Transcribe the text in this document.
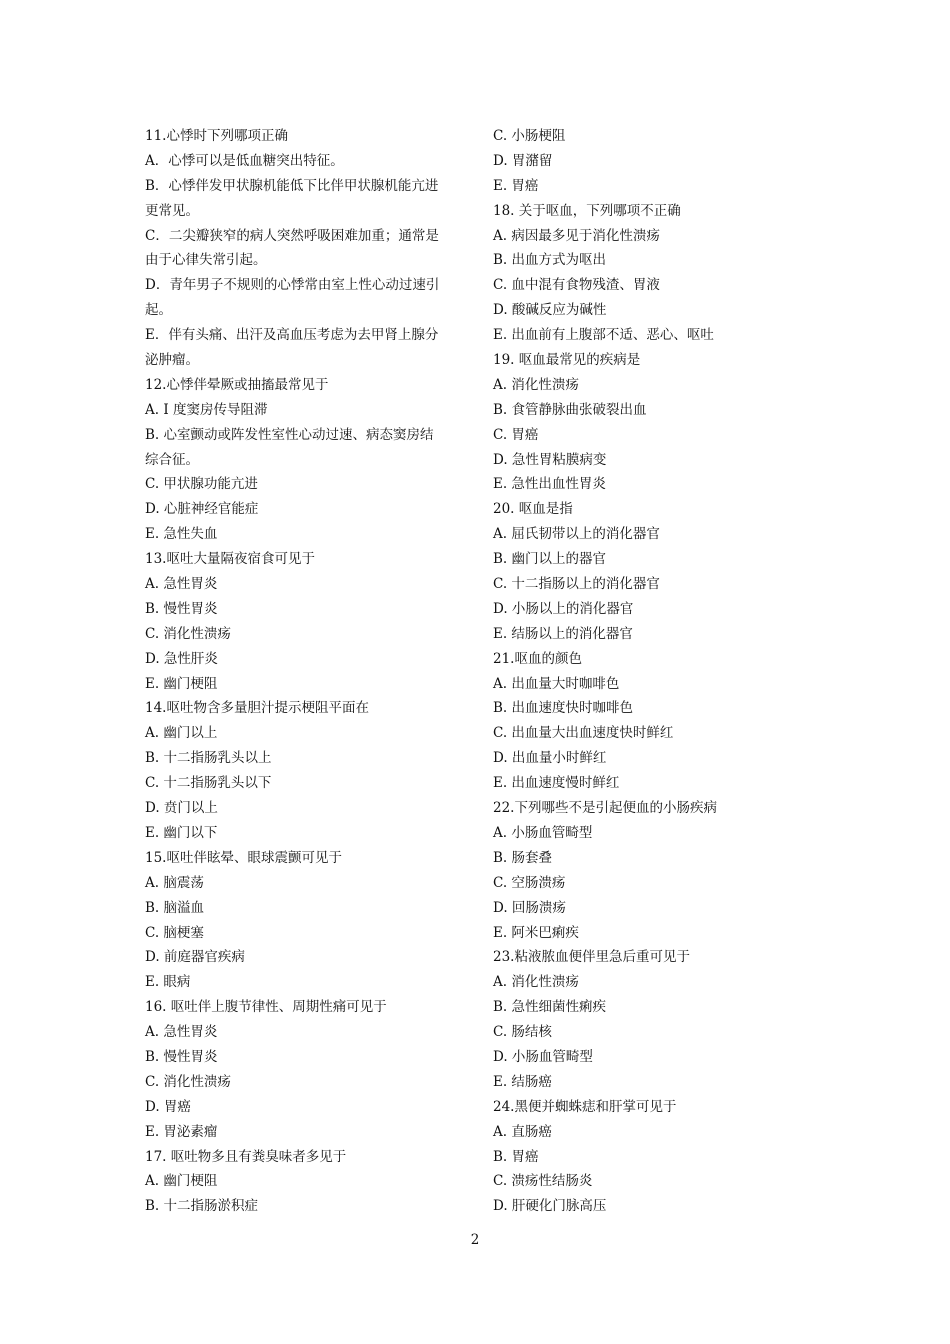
11.心悸时下列哪项正确
A．心悸可以是低血糖突出特征。
B．心悸伴发甲状腺机能低下比伴甲状腺机能亢进
更常见。
C．二尖瓣狭窄的病人突然呼吸困难加重；通常是
由于心律失常引起。
D．青年男子不规则的心悸常由室上性心动过速引
起。
E．伴有头痛、出汗及高血压考虑为去甲肾上腺分
泌肿瘤。
12.心悸伴晕厥或抽搐最常见于
A. I 度窦房传导阻滞
B. 心室颤动或阵发性室性心动过速、病态窦房结
综合征。
C. 甲状腺功能亢进
D. 心脏神经官能症
E. 急性失血
13.呕吐大量隔夜宿食可见于
A. 急性胃炎
B. 慢性胃炎
C. 消化性溃疡
D. 急性肝炎
E. 幽门梗阻
14.呕吐物含多量胆汁提示梗阻平面在
A. 幽门以上
B. 十二指肠乳头以上
C. 十二指肠乳头以下
D. 贲门以上
E. 幽门以下
15.呕吐伴眩晕、眼球震颤可见于
A. 脑震荡
B. 脑溢血
C. 脑梗塞
D. 前庭器官疾病
E. 眼病
16. 呕吐伴上腹节律性、周期性痛可见于
A. 急性胃炎
B. 慢性胃炎
C. 消化性溃疡
D. 胃癌
E. 胃泌素瘤
17. 呕吐物多且有粪臭味者多见于
A. 幽门梗阻
B. 十二指肠淤积症
C. 小肠梗阻
D. 胃潴留
E. 胃癌
18. 关于呕血，下列哪项不正确
A. 病因最多见于消化性溃疡
B. 出血方式为呕出
C. 血中混有食物残渣、胃液
D. 酸碱反应为碱性
E. 出血前有上腹部不适、恶心、呕吐
19. 呕血最常见的疾病是
A. 消化性溃疡
B. 食管静脉曲张破裂出血
C. 胃癌
D. 急性胃粘膜病变
E. 急性出血性胃炎
20. 呕血是指
A. 屈氏韧带以上的消化器官
B. 幽门以上的器官
C. 十二指肠以上的消化器官
D. 小肠以上的消化器官
E. 结肠以上的消化器官
21.呕血的颜色
A. 出血量大时咖啡色
B. 出血速度快时咖啡色
C. 出血量大出血速度快时鲜红
D. 出血量小时鲜红
E. 出血速度慢时鲜红
22.下列哪些不是引起便血的小肠疾病
A. 小肠血管畸型
B. 肠套叠
C. 空肠溃疡
D. 回肠溃疡
E. 阿米巴痢疾
23.粘液脓血便伴里急后重可见于
A. 消化性溃疡
B. 急性细菌性痢疾
C. 肠结核
D. 小肠血管畸型
E. 结肠癌
24.黑便并蜘蛛痣和肝掌可见于
A. 直肠癌
B. 胃癌
C. 溃疡性结肠炎
D. 肝硬化门脉高压
2
